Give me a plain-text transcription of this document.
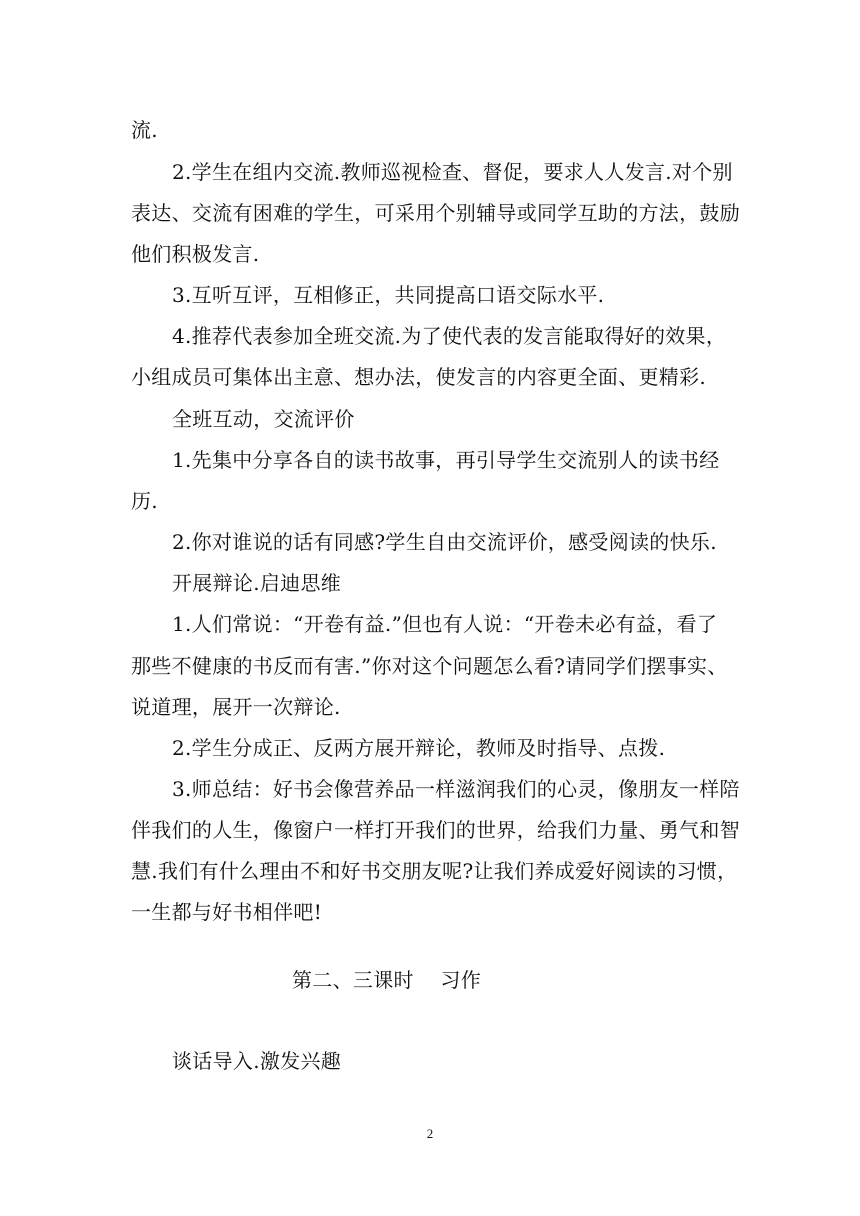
流.
2.学生在组内交流.教师巡视检查、督促，要求人人发言.对个别
表达、交流有困难的学生，可采用个别辅导或同学互助的方法，鼓励
他们积极发言.
3.互听互评，互相修正，共同提高口语交际水平.
4.推荐代表参加全班交流.为了使代表的发言能取得好的效果，
小组成员可集体出主意、想办法，使发言的内容更全面、更精彩.
全班互动，交流评价
1.先集中分享各自的读书故事，再引导学生交流别人的读书经
历.
2.你对谁说的话有同感?学生自由交流评价，感受阅读的快乐.
开展辩论.启迪思维
1.人们常说：“开卷有益.”但也有人说：“开卷未必有益，看了
那些不健康的书反而有害.”你对这个问题怎么看?请同学们摆事实、
说道理，展开一次辩论.
2.学生分成正、反两方展开辩论，教师及时指导、点拨.
3.师总结：好书会像营养品一样滋润我们的心灵，像朋友一样陪
伴我们的人生，像窗户一样打开我们的世界，给我们力量、勇气和智
慧.我们有什么理由不和好书交朋友呢?让我们养成爱好阅读的习惯，
一生都与好书相伴吧!
第二、三课时    习作
谈话导入.激发兴趣
2
